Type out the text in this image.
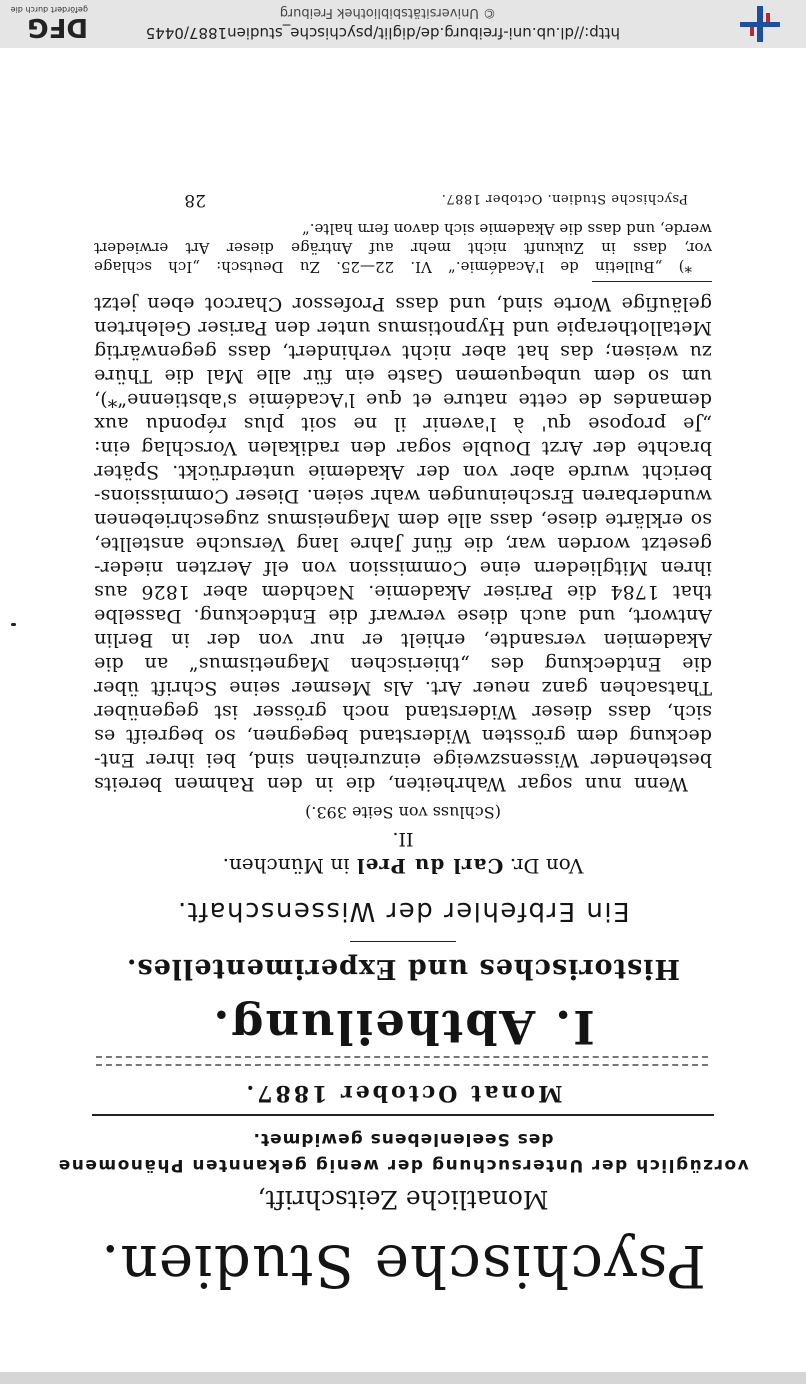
http://dl.ub.uni-freiburg.de/diglit/psychische_studien1887/0445
© Universitätsbibliothek Freiburg
DFG
gefördert durch die
Psychische Studien.
Monatliche Zeitschrift,
vorzüglich der Untersuchung der wenig gekannten Phänomene
des Seelenlebens gewidmet.
Monat October 1887.
I. Abtheilung.
Historisches und Experimentelles.
Ein Erbfehler der Wissenschaft.
Von Dr. Carl du Prel in München.
II.
(Schluss von Seite 393.)
Wenn nun sogar Wahrheiten, die in den Rahmen bereits
bestehender Wissenszweige einzureihen sind, bei ihrer Ent-
deckung dem grössten Widerstand begegnen, so begreift es
sich, dass dieser Widerstand noch grösser ist gegenüber
Thatsachen ganz neuer Art. Als Mesmer seine Schrift über
die Entdeckung des „thierischen Magnetismus“ an die
Akademien versandte, erhielt er nur von der in Berlin
Antwort, und auch diese verwarf die Entdeckung. Dasselbe
that 1784 die Pariser Akademie. Nachdem aber 1826 aus
ihren Mitgliedern eine Commission von elf Aerzten nieder-
gesetzt worden war, die fünf Jahre lang Versuche anstellte,
so erklärte diese, dass alle dem Magneismus zugeschriebenen
wunderbaren Erscheinungen wahr seien. Dieser Commissions-
bericht wurde aber von der Akademie unterdrückt. Später
brachte der Arzt Double sogar den radikalen Vorschlag ein:
„Je propose qu' à l'avenir il ne soit plus répondu aux
demandes de cette nature et que l'Académie s'abstienne“*),
um so dem unbequemen Gaste ein für alle Mal die Thüre
zu weisen; das hat aber nicht verhindert, dass gegenwärtig
Metallotherapie und Hypnotismus unter den Pariser Gelehrten
geläufige Worte sind, und dass Professor Charcot eben jetzt
*) „Bulletin de l'Académie.“ VI. 22—25. Zu Deutsch: „Ich schlage
vor, dass in Zukunft nicht mehr auf Anträge dieser Art erwiedert
werde, und dass die Akademie sich davon fern halte.“
Psychische Studien. October 1887.
28
